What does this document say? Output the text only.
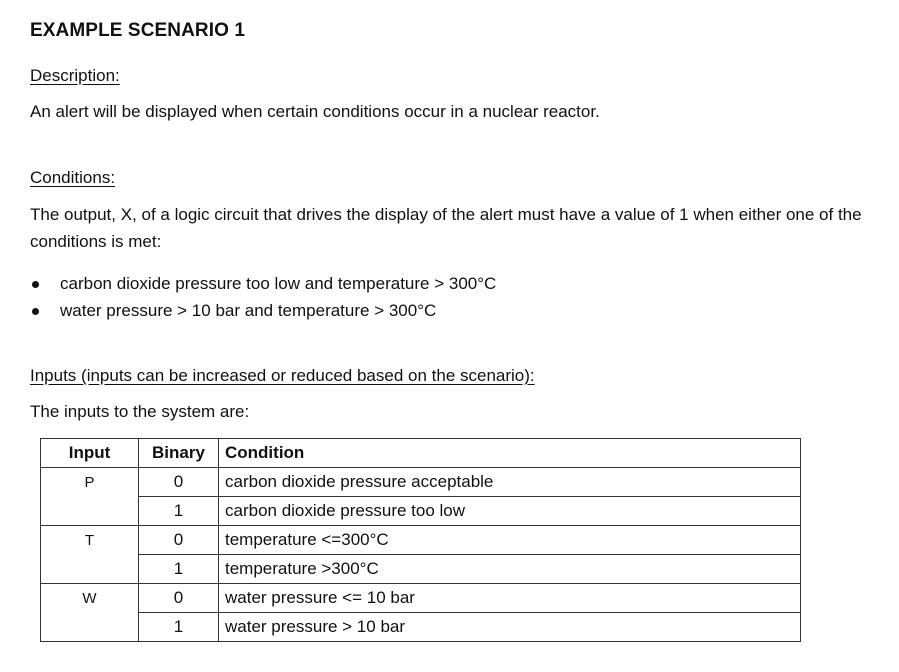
EXAMPLE SCENARIO 1
Description:
An alert will be displayed when certain conditions occur in a nuclear reactor.
Conditions:
The output, X, of a logic circuit that drives the display of the alert must have a value of 1 when either one of the conditions is met:
carbon dioxide pressure too low and temperature > 300°C
water pressure > 10 bar and temperature > 300°C
Inputs (inputs can be increased or reduced based on the scenario):
The inputs to the system are:
Input	Binary	Condition
P	0	carbon dioxide pressure acceptable
	1	carbon dioxide pressure too low
T	0	temperature <=300°C
	1	temperature >300°C
W	0	water pressure <= 10 bar
	1	water pressure > 10 bar
